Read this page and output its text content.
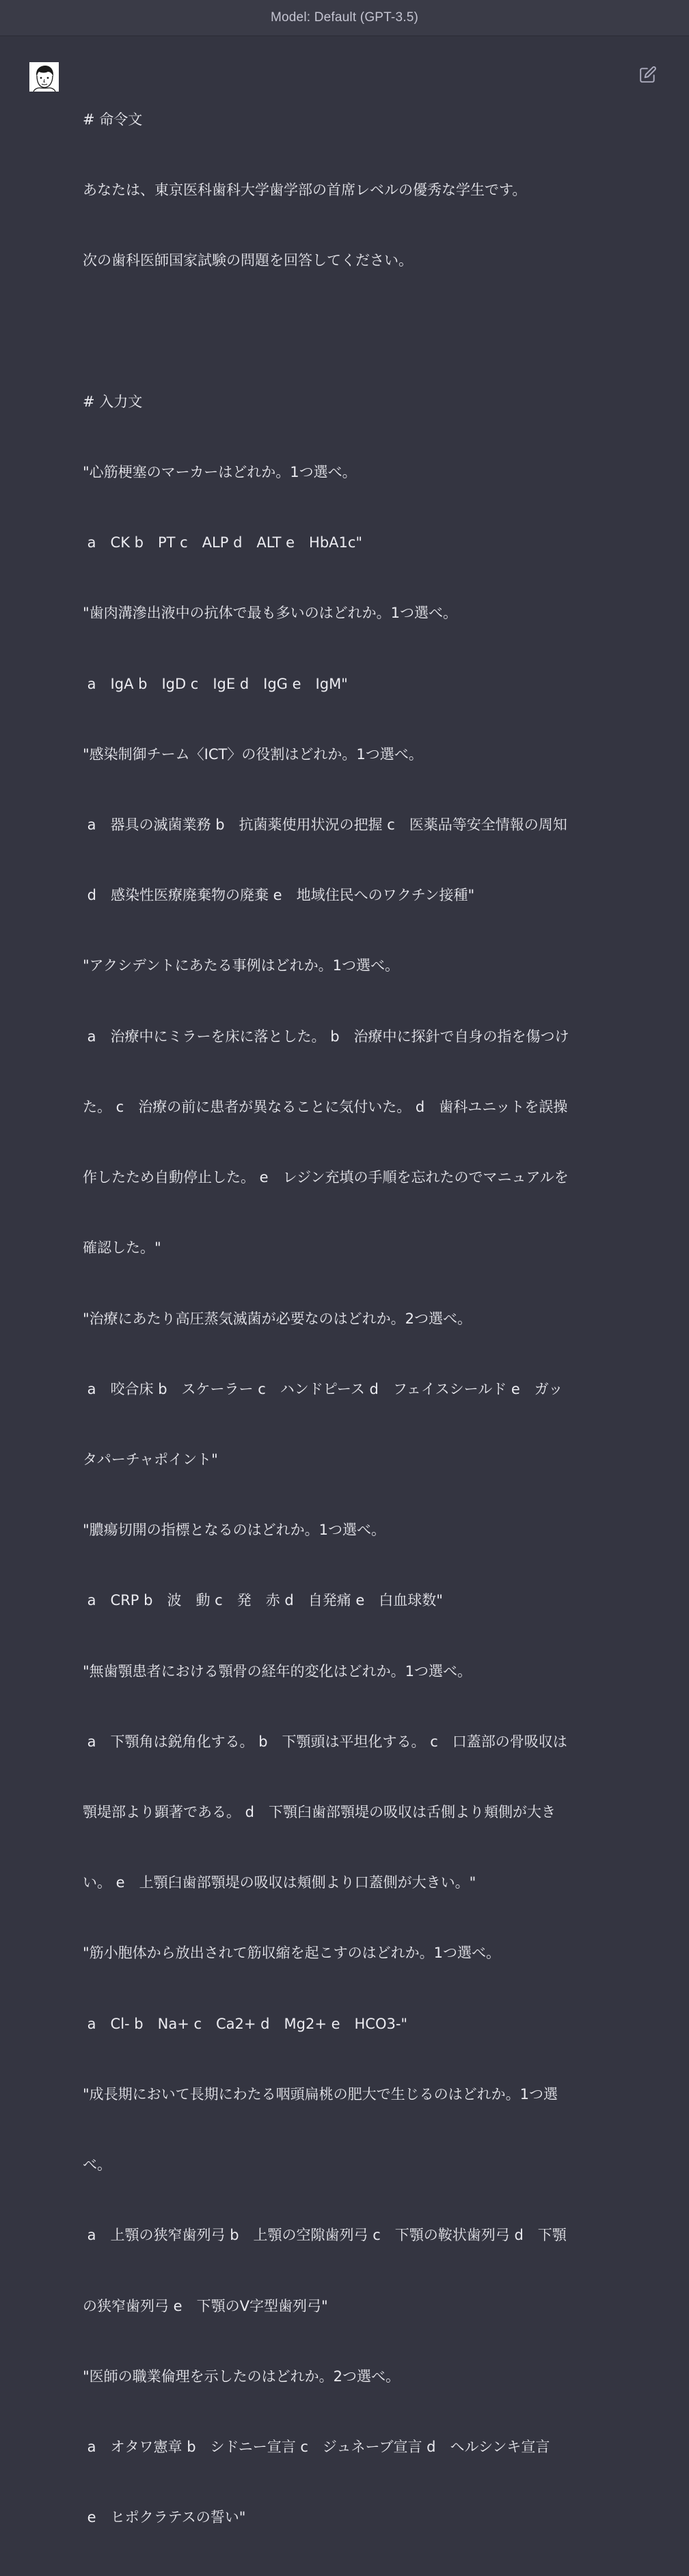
Model: Default (GPT-3.5)

# 命令文

あなたは、東京医科歯科大学歯学部の首席レベルの優秀な学生です。

次の歯科医師国家試験の問題を回答してください。

# 入力文

"心筋梗塞のマーカーはどれか。1つ選べ。

a　CK b　PT c　ALP d　ALT e　HbA1c"

"歯肉溝滲出液中の抗体で最も多いのはどれか。1つ選べ。

a　IgA b　IgD c　IgE d　IgG e　IgM"

"感染制御チーム〈ICT〉の役割はどれか。1つ選べ。

a　器具の滅菌業務 b　抗菌薬使用状況の把握 c　医薬品等安全情報の周知

d　感染性医療廃棄物の廃棄 e　地域住民へのワクチン接種"

"アクシデントにあたる事例はどれか。1つ選べ。

a　治療中にミラーを床に落とした。 b　治療中に探針で自身の指を傷つけ

た。 c　治療の前に患者が異なることに気付いた。 d　歯科ユニットを誤操

作したため自動停止した。 e　レジン充填の手順を忘れたのでマニュアルを

確認した。"

"治療にあたり高圧蒸気滅菌が必要なのはどれか。2つ選べ。

a　咬合床 b　スケーラー c　ハンドピース d　フェイスシールド e　ガッ

タパーチャポイント"

"膿瘍切開の指標となるのはどれか。1つ選べ。

a　CRP b　波　動 c　発　赤 d　自発痛 e　白血球数"

"無歯顎患者における顎骨の経年的変化はどれか。1つ選べ。

a　下顎角は鋭角化する。 b　下顎頭は平坦化する。 c　口蓋部の骨吸収は

顎堤部より顕著である。 d　下顎臼歯部顎堤の吸収は舌側より頬側が大き

い。 e　上顎臼歯部顎堤の吸収は頬側より口蓋側が大きい。"

"筋小胞体から放出されて筋収縮を起こすのはどれか。1つ選べ。

a　Cl- b　Na+ c　Ca2+ d　Mg2+ e　HCO3-"

"成長期において長期にわたる咽頭扁桃の肥大で生じるのはどれか。1つ選

べ。

a　上顎の狭窄歯列弓 b　上顎の空隙歯列弓 c　下顎の鞍状歯列弓 d　下顎

の狭窄歯列弓 e　下顎のV字型歯列弓"

"医師の職業倫理を示したのはどれか。2つ選べ。

a　オタワ憲章 b　シドニー宣言 c　ジュネーブ宣言 d　ヘルシンキ宣言

e　ヒポクラテスの誓い"
